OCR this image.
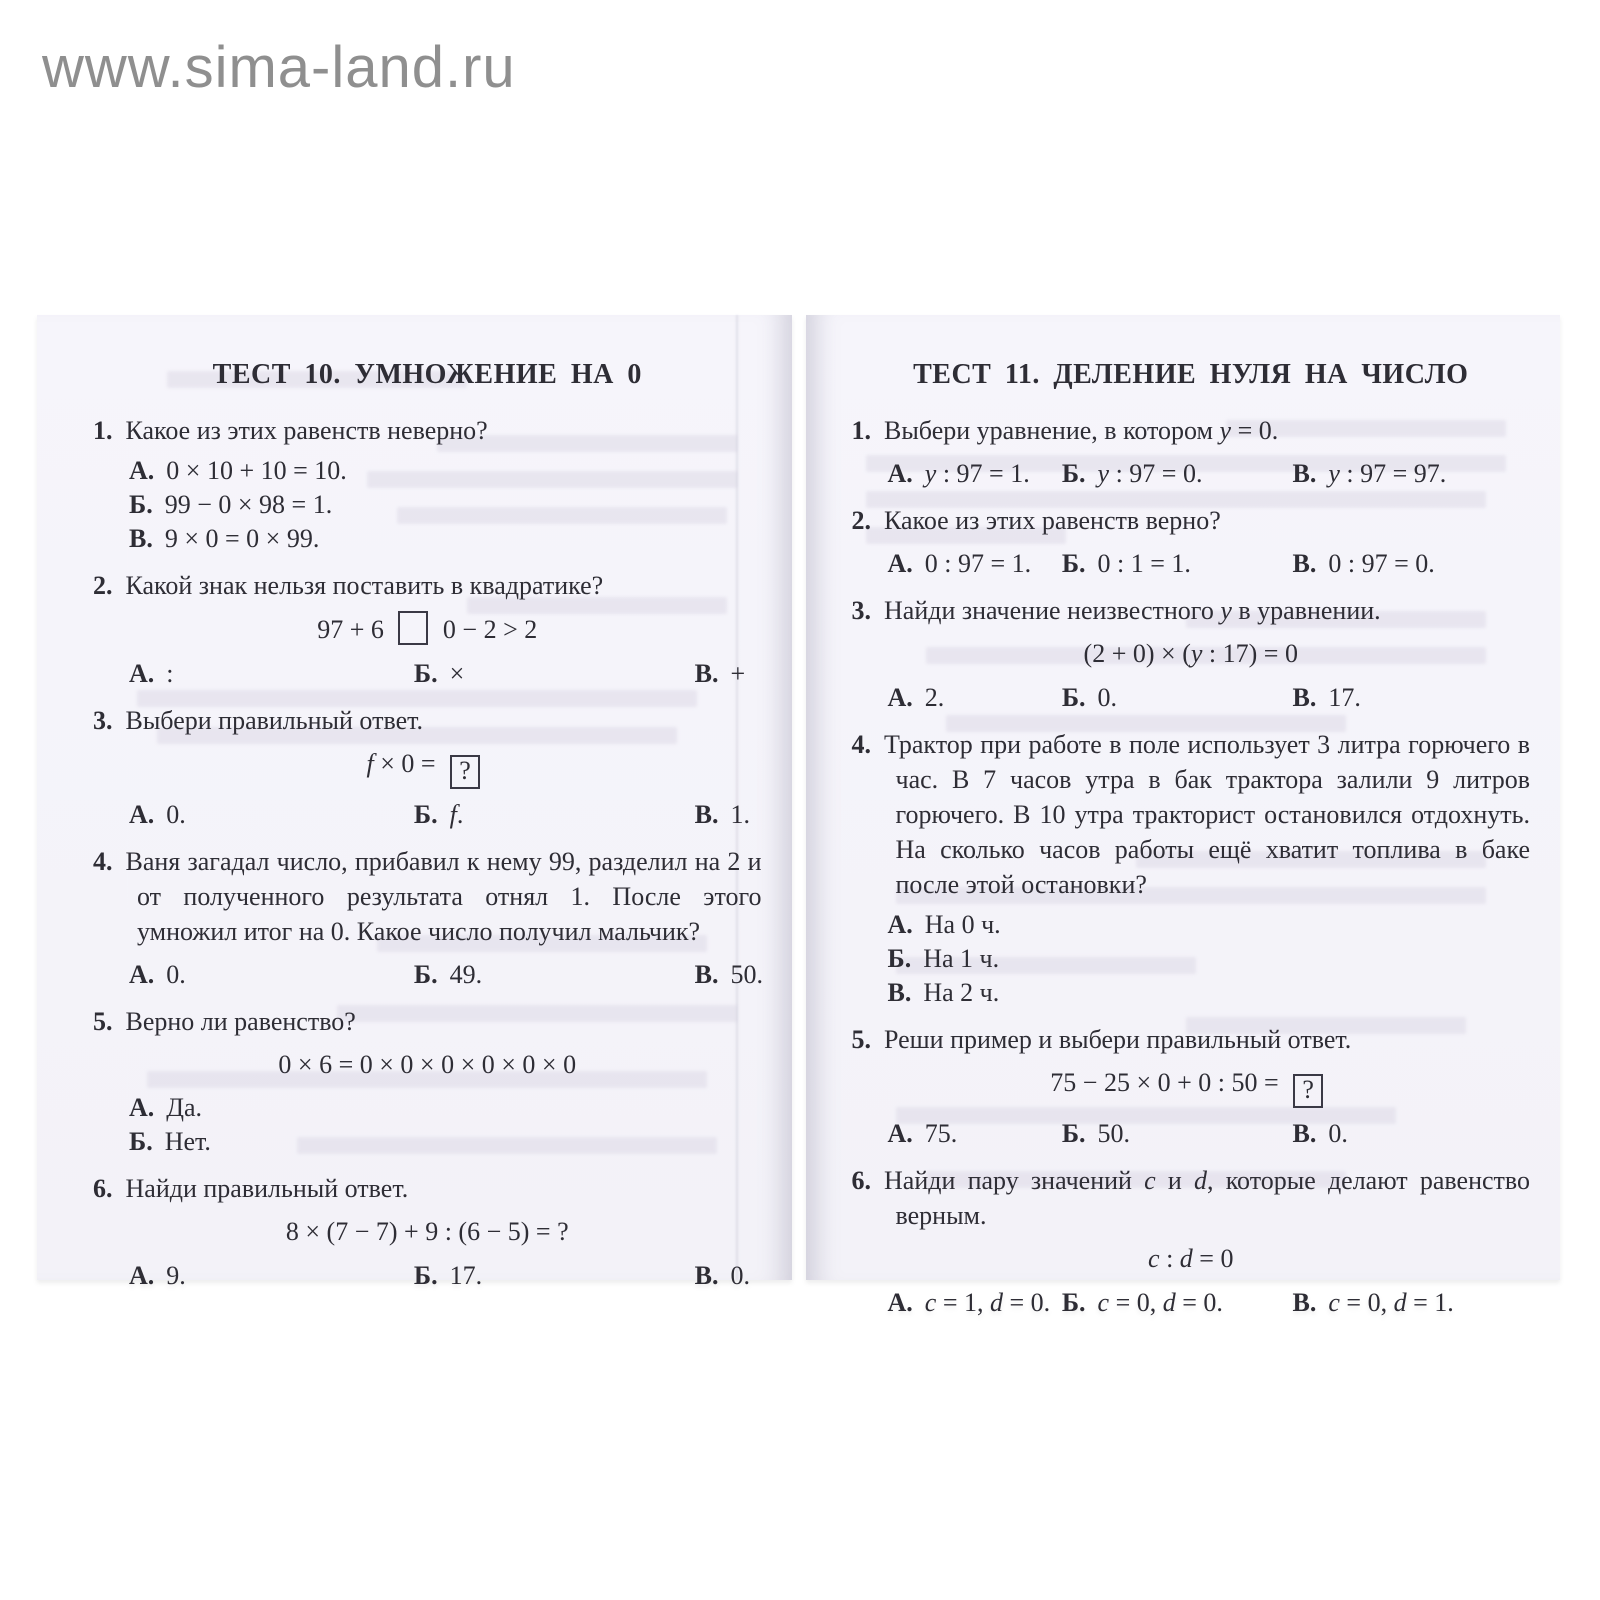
www.sima-land.ru
ТЕСТ 10. УМНОЖЕНИЕ НА 0

1. Какое из этих равенств неверно?

А. 0 × 10 + 10 = 10.
Б. 99 − 0 × 98 = 1.
В. 9 × 0 = 0 × 99.

2. Какой знак нельзя поставить в квадратике?

97 + 6  0 − 2 > 2
А. :	Б. ×	В. +

3. Выбери правильный ответ.

f × 0 = ?
А. 0.	Б. f.	В. 1.

4. Ваня загадал число, прибавил к нему 99, разделил на 2 и от полученного результата отнял 1. После этого умножил итог на 0. Какое число получил мальчик?

А. 0.	Б. 49.	В. 50.

5. Верно ли равенство?

0 × 6 = 0 × 0 × 0 × 0 × 0 × 0
А. Да.
Б. Нет.

6. Найди правильный ответ.

8 × (7 − 7) + 9 : (6 − 5) = ?
А. 9.	Б. 17.	В. 0.
ТЕСТ 11. ДЕЛЕНИЕ НУЛЯ НА ЧИСЛО

1. Выбери уравнение, в котором y = 0.

А. y : 97 = 1.	Б. y : 97 = 0.	В. y : 97 = 97.

2. Какое из этих равенств верно?

А. 0 : 97 = 1.	Б. 0 : 1 = 1.	В. 0 : 97 = 0.

3. Найди значение неизвестного y в уравнении.

(2 + 0) × (y : 17) = 0
А. 2.	Б. 0.	В. 17.

4. Трактор при работе в поле использует 3 литра горючего в час. В 7 часов утра в бак трактора залили 9 литров горючего. В 10 утра тракторист остановился отдохнуть. На сколько часов работы ещё хватит топлива в баке после этой остановки?

А. На 0 ч.
Б. На 1 ч.
В. На 2 ч.

5. Реши пример и выбери правильный ответ.

75 − 25 × 0 + 0 : 50 = ?
А. 75.	Б. 50.	В. 0.

6. Найди пару значений c и d, которые делают равенство верным.

c : d = 0
А. c = 1, d = 0. Б. c = 0, d = 0.	В. c = 0, d = 1.
